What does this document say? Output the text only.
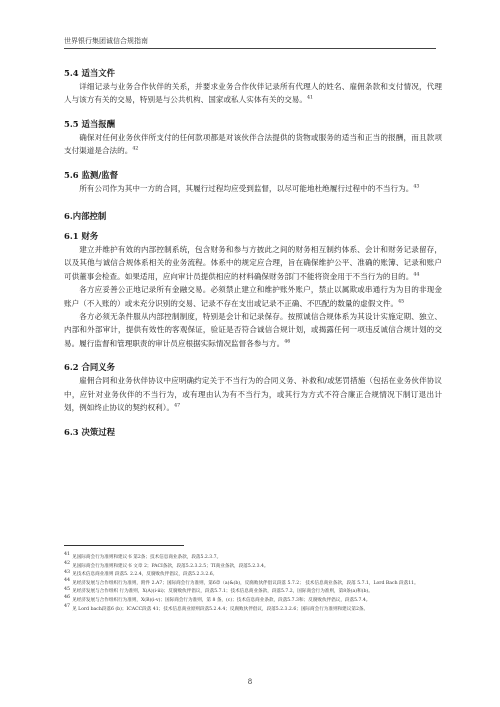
世界银行集团诚信合规指南
5.4 适当文件

详细记录与业务合作伙伴的关系，并要求业务合作伙伴记录所有代理人的姓名、雇佣条款和支付情况，代理人与该方有关的交易，特别是与公共机构、国家或私人实体有关的交易。$^{41}$

5.5 适当报酬

确保对任何业务伙伴所支付的任何款项都是对该伙伴合法提供的货物或服务的适当和正当的报酬，而且款项支付渠道是合法的。$^{42}$

5.6 监测/监督

所有公司作为其中一方的合同，其履行过程均应受到监督，以尽可能地杜绝履行过程中的不当行为。$^{43}$

6.内部控制
6.1 财务

建立并维护有效的内部控制系统，包含财务和参与方披此之间的财务相互制约体系、会计和财务记录留存，以及其他与诚信合规体系相关的业务流程。体系中的规定应合理，旨在确保维护公平、准确的账簿、记录和账户可供董事会检查。如果适用，应向审计员提供相应的材料确保财务部门不能将资金用于不当行为的目的。$^{44}$

各方应妥善公正地记录所有金融交易。必须禁止建立和维护账外账户，禁止以属欺或串通行为为目的非现金账户（不入账的）或未充分识别的交易、记录不存在支出或记录不正确、不匹配的数量的虚假文件。$^{45}$

各方必须无条件服从内部控制制度，特别是会计和记录保存。按照诚信合规体系为其设计实施定期、独立、内部和外部审计，提供有效性的客观保证，验证是否符合诚信合规计划，或揭露任何一项违反诚信合规计划的交易。履行监督和管理职责的审计员应根据实际情况监督各参与方。$^{46}$

6.2 合同义务

雇佣合同和业务伙伴协议中应明确约定关于不当行为的合同义务、补救和/或惩罚措施（包括在业务伙伴协议中，应针对业务伙伴的不当行为，或有理由认为有不当行为，或其行为方式不符合廉正合规情况下制订退出计划，例如终止协议的契约权利）。$^{47}$

6.3 决策过程
$^{41}$见国际商会行为准则和建议书 第2条；技术信息商业条款，段落5.2.3.7。
$^{42}$见国际商会行为准则和建议书 文章 2；PACI条款，段落5.2.3.2.5；TI商业条款，段落5.2.3.4。
$^{43}$见技术信息商业准则 段落5. 2.2.4，反腐败伙伴倡议，段落5.2.3.2.6。
$^{44}$见经济发展与合作组织行为准则，附件 2.A7；国际商会行为准则，第6章（a)&(b)，反腐败伙伴倡议段落 5.7.2； 技术信息商业条款，段落 5.7.1，Lord Bach 段落11。
$^{45}$见经济发展与合作组织 行为准则，X(A)(i-iii)；反腐败伙伴倡议，段落5.7.1；技术信息商业条款，段落5.7.2，国际商会行为准则，第8条(a)和(b)。
$^{46}$见经济发展与合作组织行为准则，X(B)(i-v)；国际商会行为准则，第 8 条，(c)；技术信息商业条款，段落5.7.3和；反腐败伙伴倡议，段落5.7.4。
$^{47}$见 Lord bach段落6 (b)；ICACC段落 41；技术信息商业原则段落5.2.4.4；反腐败伙伴倡议，段落5.2.3.2.6；国际商会行为准则和建议第2条。
8
